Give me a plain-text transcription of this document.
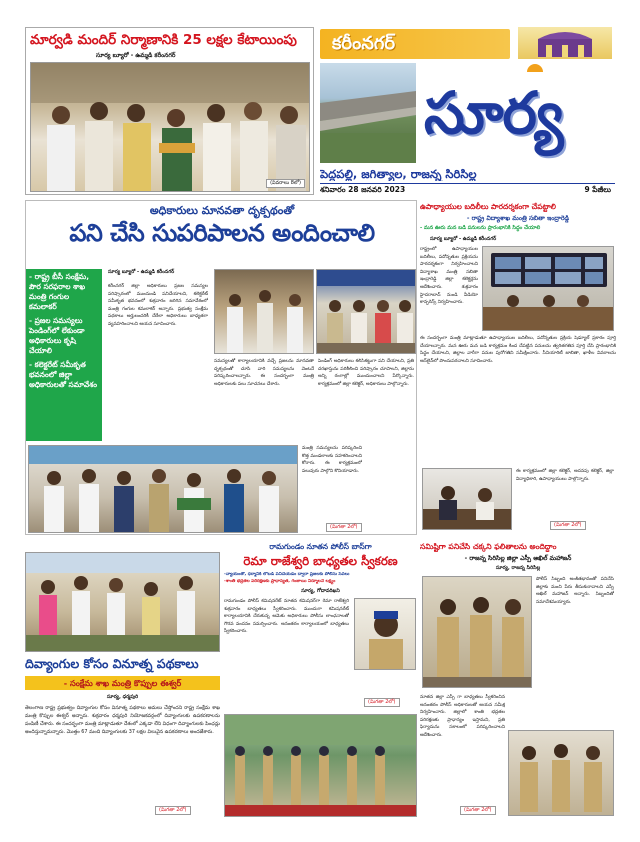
మార్వడి మందిర్ నిర్మాణానికి 25 లక్షల కేటాయింపు
సూర్య బ్యూరో - ఉమ్మడి కరీంనగర్
(వివరాలు 8లో)
కరీంనగర్
సూర్య
పెద్దపల్లి, జగిత్యాల, రాజన్న సిరిసిల్ల
శనివారం 28 జనవరి 2023	9 పేజీలు
అధికారులు మానవతా దృక్పథంతో
పని చేసి సుపరిపాలన అందించాలి
- రాష్ట్ర బీసీ సంక్షేమ, పౌర సరఫరాల శాఖ మంత్రి గంగుల కమలాకర్
- ప్రజల సమస్యలు పెండింగ్‌లో లేకుండా అధికారులు కృషి చేయాలి
- కలెక్టరేట్ సమీకృత భవనంలో జిల్లా అధికారులతో సమావేశం
సూర్య బ్యూరో - ఉమ్మడి కరీంనగర్
కరీంనగర్ జిల్లా అధికారులు ప్రజల సమస్యల పరిష్కారంలో ముందుండి పనిచేయాలని, కలెక్టరేట్ సమీకృత భవనంలో శుక్రవారం జరిగిన సమావేశంలో మంత్రి గంగుల కమలాకర్ అన్నారు. ప్రభుత్వ సంక్షేమ పథకాలు అర్హులందరికీ చేరేలా అధికారులు బాధ్యతగా వ్యవహరించాలని ఆయన సూచించారు.
సమస్యలతో కార్యాలయానికి వచ్చే ప్రజలను మానవతా దృక్పథంతో చూసి వారి సమస్యలను వెంటనే పరిష్కరించాలన్నారు. ఈ సందర్భంగా మంత్రి అధికారులకు పలు సూచనలు చేశారు.
పెండింగ్ అధికారులు కలిసికట్టుగా పని చేయాలని, ప్రతి దరఖాస్తును పరిశీలించి పరిష్కారం చూపాలని, జిల్లాను అన్ని రంగాల్లో ముందుంచాలని పేర్కొన్నారు. కార్యక్రమంలో జిల్లా కలెక్టర్, అధికారులు పాల్గొన్నారు.
మంత్రి సమస్యలను పరిష్కరించి కొత్త మండలాలకు సహకరించాలని కోరారు. ఈ కార్యక్రమంలో పలువురు పాల్గొని కొనియాడారు.
(మిగతా 2లో)
ఉపాధ్యాయుల బదిలీలు పారదర్శకంగా చేపట్టాలి
- రాష్ట్ర విద్యాశాఖ మంత్రి సబితా ఇంద్రారెడ్డి
- మన ఊరు మన బడి పనులను ప్రారంభానికి సిద్ధం చేయాలి
సూర్య బ్యూరో - ఉమ్మడి కరీంనగర్
రాష్ట్రంలో ఉపాధ్యాయుల బదిలీలు, పదోన్నతుల ప్రక్రియను పారదర్శకంగా నిర్వహించాలని విద్యాశాఖ మంత్రి సబితా ఇంద్రారెడ్డి జిల్లా కలెక్టర్లను ఆదేశించారు. శుక్రవారం హైదరాబాద్ నుండి వీడియో కాన్ఫరెన్స్ నిర్వహించారు.
ఈ సందర్భంగా మంత్రి మాట్లాడుతూ ఉపాధ్యాయుల బదిలీలు, పదోన్నతుల ప్రక్రియ షెడ్యూల్ ప్రకారం పూర్తి చేయాలన్నారు. మన ఊరు మన బడి కార్యక్రమం కింద చేపట్టిన పనులను త్వరితగతిన పూర్తి చేసి ప్రారంభానికి సిద్ధం చేయాలని, జిల్లాల వారీగా పనుల పురోగతిని సమీక్షించారు. సీనియారిటీ జాబితా, ఖాళీల వివరాలను ఆన్‌లైన్‌లో పొందుపరచాలని సూచించారు.
ఈ కార్యక్రమంలో జిల్లా కలెక్టర్, అదనపు కలెక్టర్, జిల్లా విద్యాధికారి, ఉపాధ్యాయులు పాల్గొన్నారు.
(మిగతా 2లో)
దివ్యాంగుల కోసం వినూత్న పథకాలు
- సంక్షేమ శాఖ మంత్రి కొప్పుల ఈశ్వర్
సూర్య, ధర్మపురి
తెలంగాణ రాష్ట్ర ప్రభుత్వం దివ్యాంగుల కోసం వినూత్న పథకాలు అమలు చేస్తోందని రాష్ట్ర సంక్షేమ శాఖ మంత్రి కొప్పుల ఈశ్వర్ అన్నారు. శుక్రవారం ధర్మపురి నియోజకవర్గంలో దివ్యాంగులకు ఉపకరణాలను పంపిణీ చేశారు. ఈ సందర్భంగా మంత్రి మాట్లాడుతూ దేశంలో ఎక్కడా లేని విధంగా దివ్యాంగులకు పింఛన్లు అందిస్తున్నామన్నారు. మొత్తం 67 మంది దివ్యాంగులకు 37 లక్షల విలువైన ఉపకరణాలు అందజేశారు.
(మిగతా 2లో)
రామగుండం నూతన పోలీస్ బాస్‌గా
రెమా రాజేశ్వరి బాధ్యతల స్వీకరణ
-న్యాయంతో, ధర్మానికి లోబడి పనిచేయడం ద్వారా ప్రజలకు పోలీసు సేవలు
-శాంతి భద్రతల పరిరక్షణకు ప్రాధాన్యత, గంజాయి నిర్మూలనే లక్ష్యం
సూర్య, గోదావరిఖని
రామగుండం పోలీస్ కమిషనరేట్ నూతన కమిషనర్‌గా రెమా రాజేశ్వరి శుక్రవారం బాధ్యతలు స్వీకరించారు. ముందుగా కమిషనరేట్ కార్యాలయానికి చేరుకున్న ఆమెకు అధికారులు పోలీసు లాంఛనాలతో గౌరవ వందనం సమర్పించారు. అనంతరం కార్యాలయంలో బాధ్యతలు స్వీకరించారు.
(మిగతా 2లో)
సమిష్టిగా పనిచేసి చక్కని ఫలితాలను అందిద్దాం
- రాజన్న సిరిసిల్ల జిల్లా ఎస్పీ అఖిల్ మహాజన్
సూర్య, రాజన్న సిరిసిల్ల
పోలీస్ సిబ్బంది అంకితభావంతో పనిచేసి జిల్లాకు మంచి పేరు తీసుకురావాలని ఎస్పీ అఖిల్ మహాజన్ అన్నారు. సిబ్బందితో సమావేశమయ్యారు.
నూతన జిల్లా ఎస్పీ గా బాధ్యతలు స్వీకరించిన అనంతరం పోలీస్ అధికారులతో ఆయన సమీక్ష నిర్వహించారు. జిల్లాలో శాంతి భద్రతల పరిరక్షణకు ప్రాధాన్యం ఇస్తామని, ప్రతి ఫిర్యాదును సకాలంలో పరిష్కరించాలని ఆదేశించారు.
(మిగతా 2లో)
